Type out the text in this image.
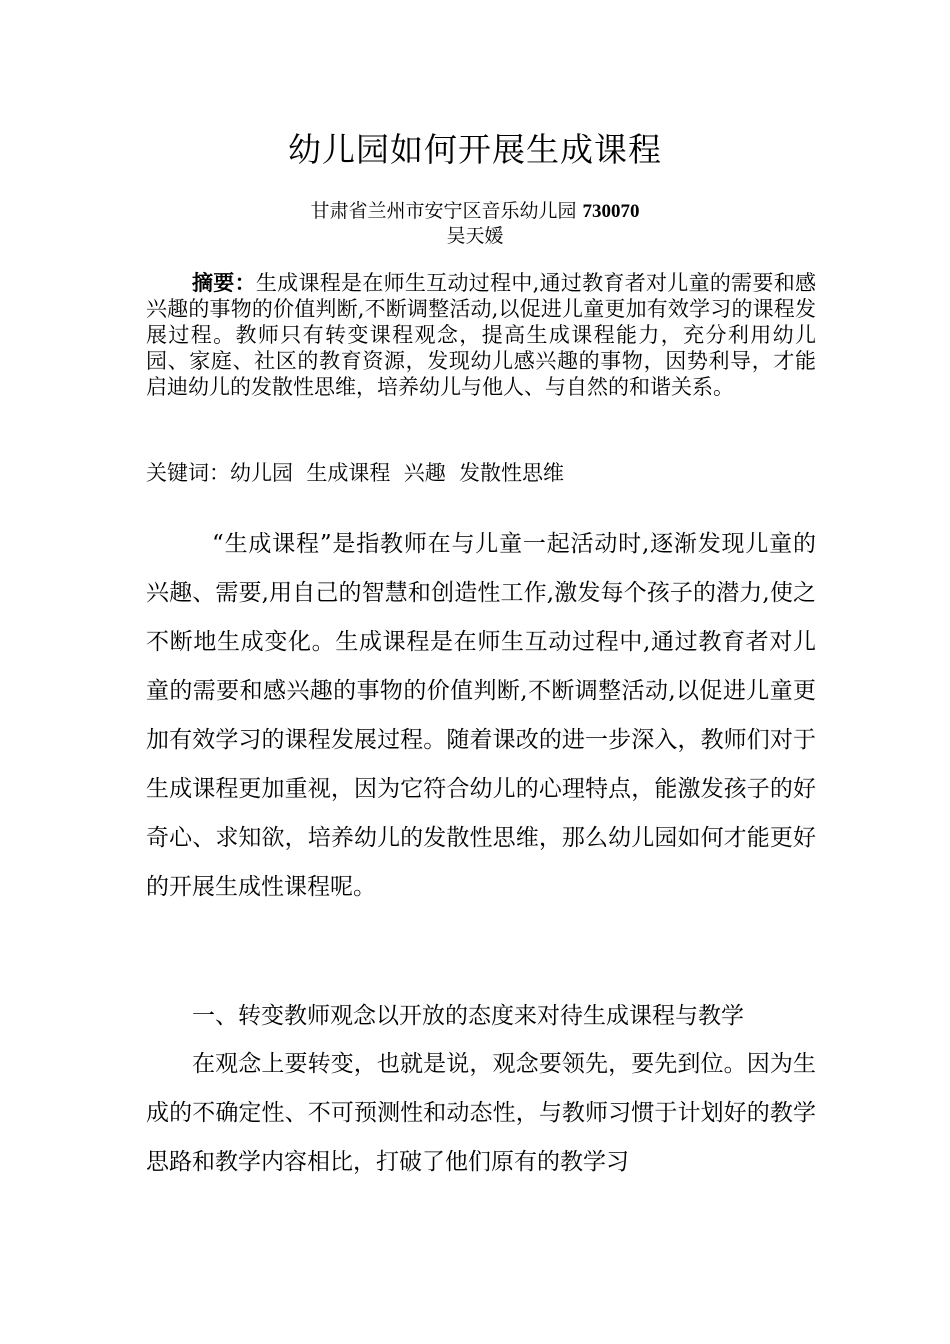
幼儿园如何开展生成课程
甘肃省兰州市安宁区音乐幼儿园 730070
吴天媛
摘要：生成课程是在师生互动过程中,通过教育者对儿童的需要和感兴趣的事物的价值判断,不断调整活动,以促进儿童更加有效学习的课程发展过程。教师只有转变课程观念，提高生成课程能力，充分利用幼儿园、家庭、社区的教育资源，发现幼儿感兴趣的事物，因势利导，才能启迪幼儿的发散性思维，培养幼儿与他人、与自然的和谐关系。
关键词：幼儿园  生成课程  兴趣  发散性思维
“生成课程”是指教师在与儿童一起活动时,逐渐发现儿童的兴趣、需要,用自己的智慧和创造性工作,激发每个孩子的潜力,使之不断地生成变化。生成课程是在师生互动过程中,通过教育者对儿童的需要和感兴趣的事物的价值判断,不断调整活动,以促进儿童更加有效学习的课程发展过程。随着课改的进一步深入，教师们对于生成课程更加重视，因为它符合幼儿的心理特点，能激发孩子的好奇心、求知欲，培养幼儿的发散性思维，那么幼儿园如何才能更好的开展生成性课程呢。
一、转变教师观念以开放的态度来对待生成课程与教学
在观念上要转变，也就是说，观念要领先，要先到位。因为生成的不确定性、不可预测性和动态性，与教师习惯于计划好的教学思路和教学内容相比，打破了他们原有的教学习
